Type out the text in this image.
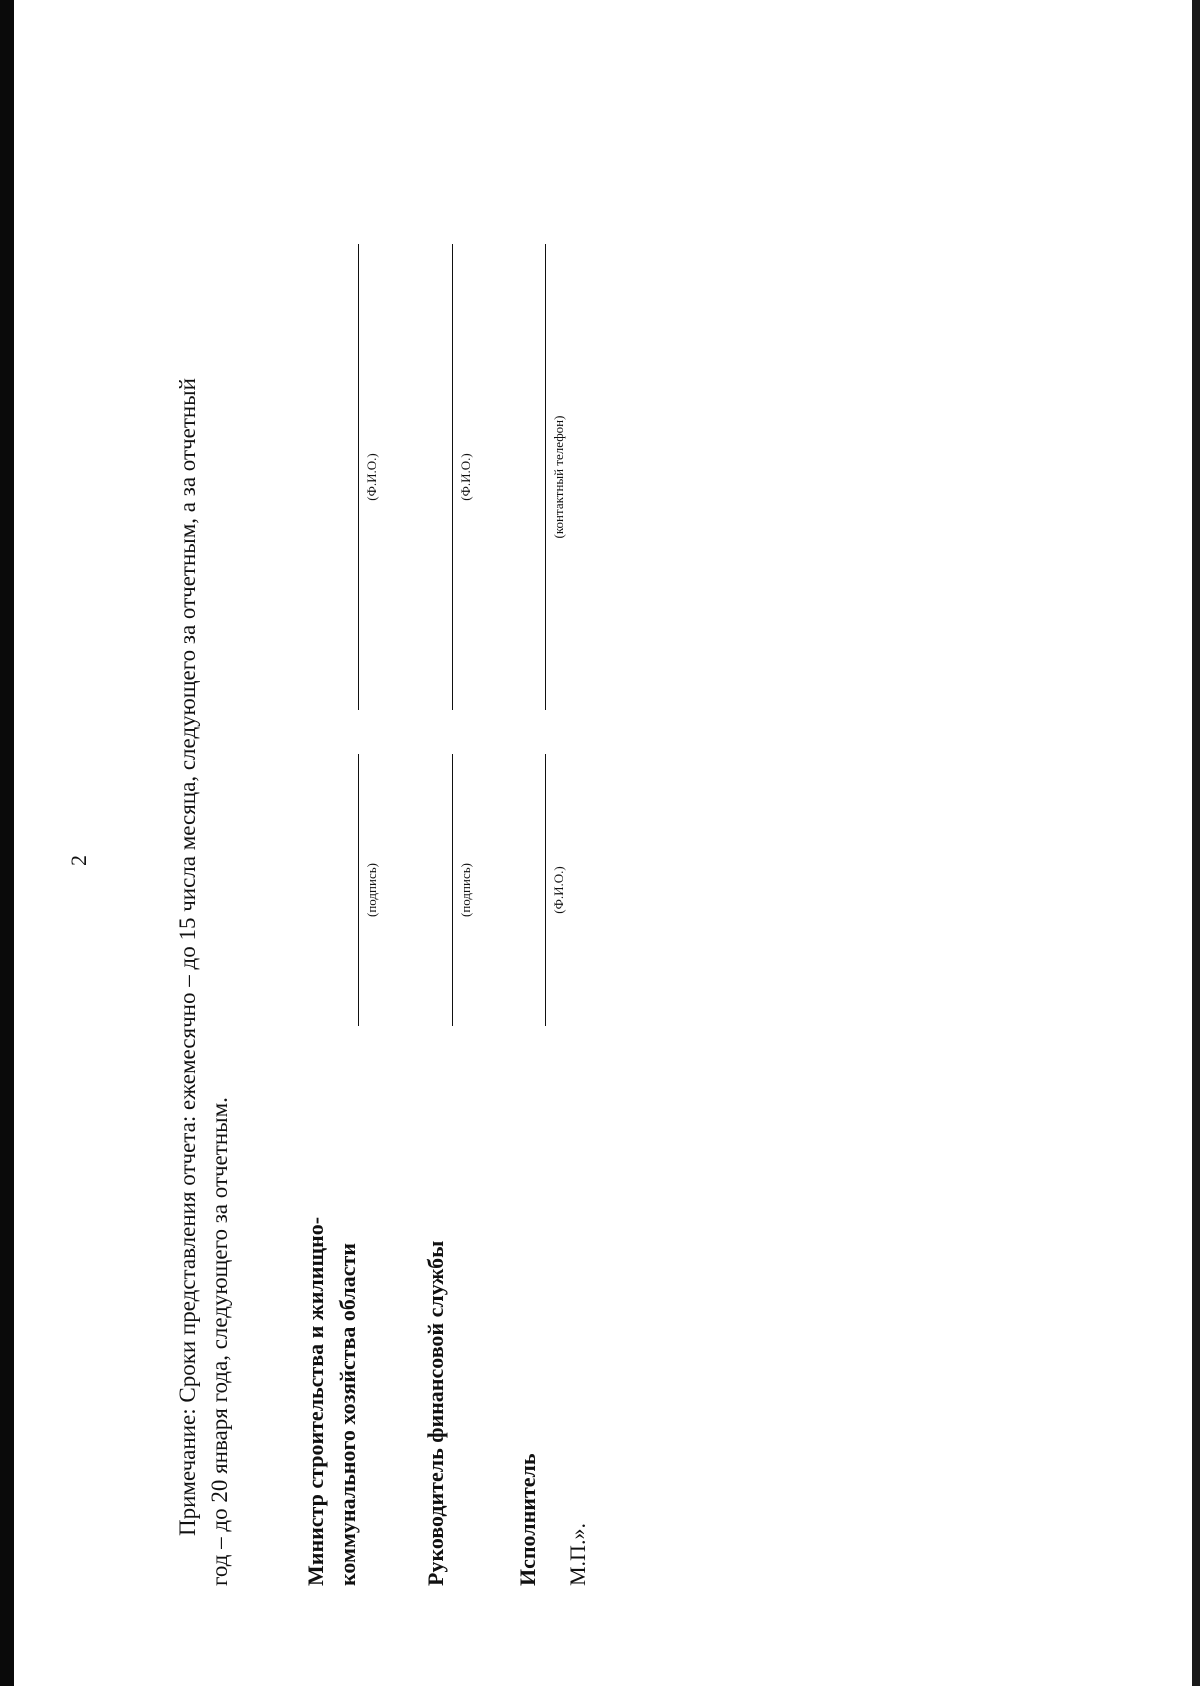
2	Примечание: Сроки представления отчета: ежемесячно – до 15 числа месяца, следующего за отчетным, а за отчетный год – до 20 января года, следующего за отчетным.	Министр строительства и жилищно- коммунального хозяйства области
(подпись)
(Ф.И.О.)
Руководитель финансовой службы
(подпись)
(Ф.И.О.)
Исполнитель
(Ф.И.О.)
(контактный телефон)
М.П.».
